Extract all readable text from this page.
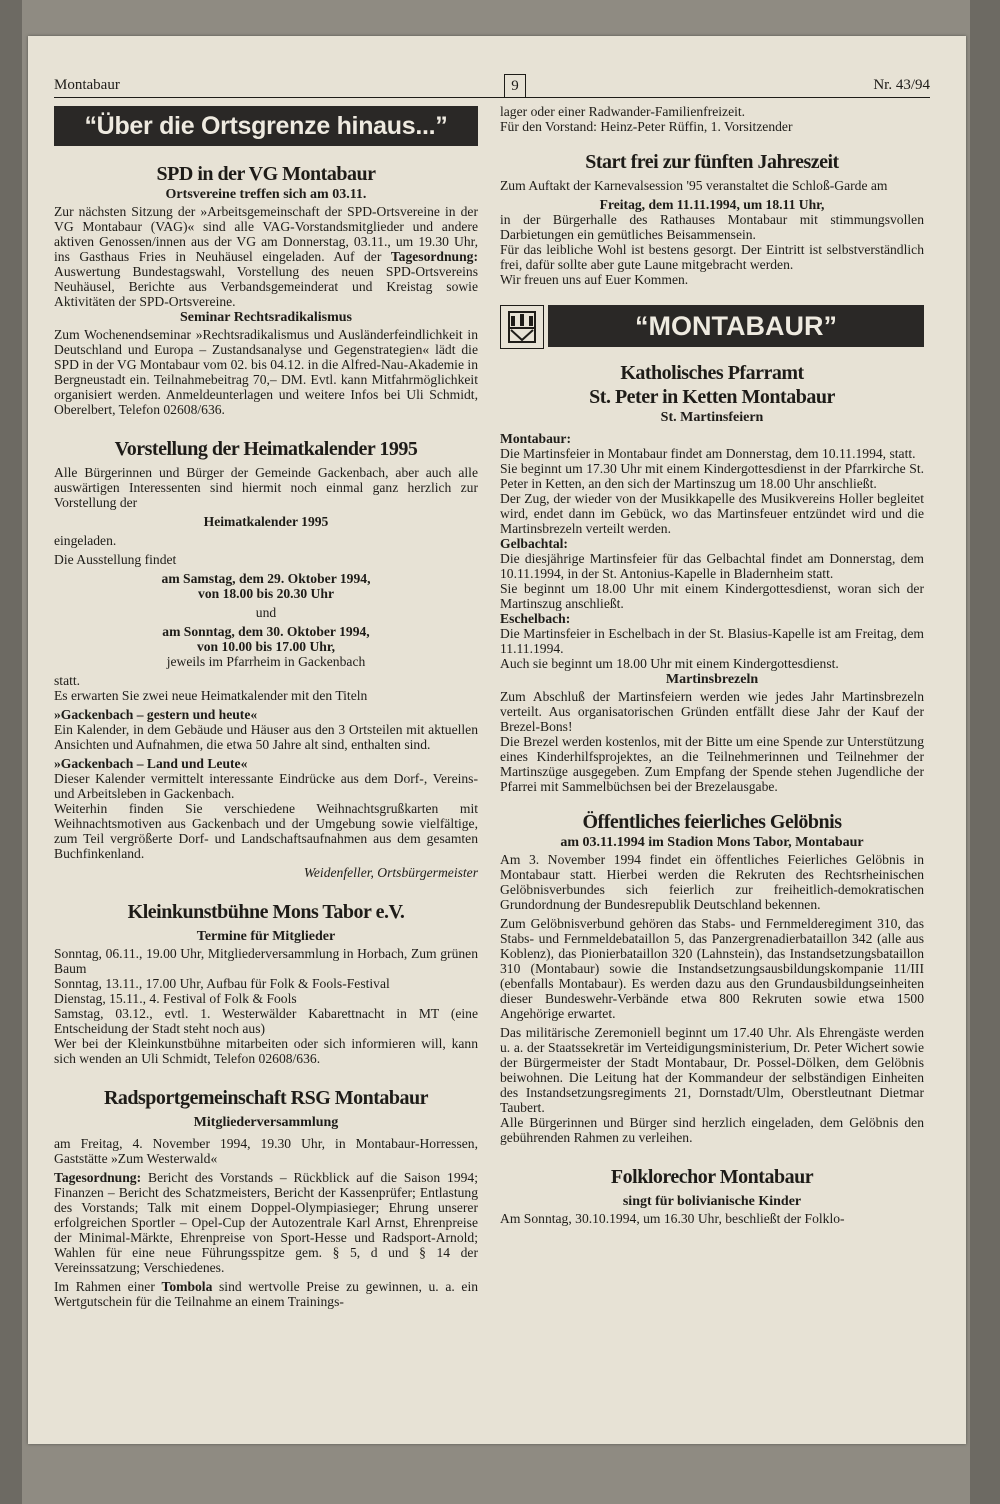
Montabaur	9	Nr. 43/94
“Über die Ortsgrenze hinaus...”
SPD in der VG Montabaur
Ortsvereine treffen sich am 03.11.

Zur nächsten Sitzung der »Arbeitsgemeinschaft der SPD-Ortsvereine in der VG Montabaur (VAG)« sind alle VAG-Vorstandsmitglieder und andere aktiven Genossen/innen aus der VG am Donnerstag, 03.11., um 19.30 Uhr, ins Gasthaus Fries in Neuhäusel eingeladen. Auf der Tagesordnung: Auswertung Bundestagswahl, Vorstellung des neuen SPD-Ortsvereins Neuhäusel, Berichte aus Verbandsgemeinderat und Kreistag sowie Aktivitäten der SPD-Ortsvereine.

Seminar Rechtsradikalismus

Zum Wochenendseminar »Rechtsradikalismus und Ausländerfeindlichkeit in Deutschland und Europa – Zustandsanalyse und Gegenstrategien« lädt die SPD in der VG Montabaur vom 02. bis 04.12. in die Alfred-Nau-Akademie in Bergneustadt ein. Teilnahmebeitrag 70,– DM. Evtl. kann Mitfahrmöglichkeit organisiert werden. Anmeldeunterlagen und weitere Infos bei Uli Schmidt, Oberelbert, Telefon 02608/636.

Vorstellung der Heimatkalender 1995

Alle Bürgerinnen und Bürger der Gemeinde Gackenbach, aber auch alle auswärtigen Interessenten sind hiermit noch einmal ganz herzlich zur Vorstellung der

Heimatkalender 1995

eingeladen.

Die Ausstellung findet

am Samstag, dem 29. Oktober 1994,

von 18.00 bis 20.30 Uhr

und

am Sonntag, dem 30. Oktober 1994,

von 10.00 bis 17.00 Uhr,

jeweils im Pfarrheim in Gackenbach

statt.

Es erwarten Sie zwei neue Heimatkalender mit den Titeln

»Gackenbach – gestern und heute«

Ein Kalender, in dem Gebäude und Häuser aus den 3 Ortsteilen mit aktuellen Ansichten und Aufnahmen, die etwa 50 Jahre alt sind, enthalten sind.

»Gackenbach – Land und Leute«

Dieser Kalender vermittelt interessante Eindrücke aus dem Dorf-, Vereins- und Arbeitsleben in Gackenbach.

Weiterhin finden Sie verschiedene Weihnachtsgrußkarten mit Weihnachtsmotiven aus Gackenbach und der Umgebung sowie vielfältige, zum Teil vergrößerte Dorf- und Landschaftsaufnahmen aus dem gesamten Buchfinkenland.

Weidenfeller, Ortsbürgermeister

Kleinkunstbühne Mons Tabor e.V.
Termine für Mitglieder

Sonntag, 06.11., 19.00 Uhr, Mitgliederversammlung in Horbach, Zum grünen Baum
Sonntag, 13.11., 17.00 Uhr, Aufbau für Folk & Fools-Festival
Dienstag, 15.11., 4. Festival of Folk & Fools
Samstag, 03.12., evtl. 1. Westerwälder Kabarettnacht in MT (eine Entscheidung der Stadt steht noch aus)
Wer bei der Kleinkunstbühne mitarbeiten oder sich informieren will, kann sich wenden an Uli Schmidt, Telefon 02608/636.

Radsportgemeinschaft RSG Montabaur
Mitgliederversammlung

am Freitag, 4. November 1994, 19.30 Uhr, in Montabaur-Horressen, Gaststätte »Zum Westerwald«

Tagesordnung: Bericht des Vorstands – Rückblick auf die Saison 1994; Finanzen – Bericht des Schatzmeisters, Bericht der Kassenprüfer; Entlastung des Vorstands; Talk mit einem Doppel-Olympiasieger; Ehrung unserer erfolgreichen Sportler – Opel-Cup der Autozentrale Karl Arnst, Ehrenpreise der Minimal-Märkte, Ehrenpreise von Sport-Hesse und Radsport-Arnold; Wahlen für eine neue Führungsspitze gem. § 5, d und § 14 der Vereinssatzung; Verschiedenes.

Im Rahmen einer Tombola sind wertvolle Preise zu gewinnen, u. a. ein Wertgutschein für die Teilnahme an einem Trainings-

lager oder einer Radwander-Familienfreizeit.
Für den Vorstand: Heinz-Peter Rüffin, 1. Vorsitzender

Start frei zur fünften Jahreszeit

Zum Auftakt der Karnevalsession '95 veranstaltet die Schloß-Garde am

Freitag, dem 11.11.1994, um 18.11 Uhr,

in der Bürgerhalle des Rathauses Montabaur mit stimmungsvollen Darbietungen ein gemütliches Beisammensein.
Für das leibliche Wohl ist bestens gesorgt. Der Eintritt ist selbstverständlich frei, dafür sollte aber gute Laune mitgebracht werden.
Wir freuen uns auf Euer Kommen.

“MONTABAUR”
Katholisches Pfarramt
St. Peter in Ketten Montabaur
St. Martinsfeiern

Montabaur:

Die Martinsfeier in Montabaur findet am Donnerstag, dem 10.11.1994, statt.
Sie beginnt um 17.30 Uhr mit einem Kindergottesdienst in der Pfarrkirche St. Peter in Ketten, an den sich der Martinszug um 18.00 Uhr anschließt.
Der Zug, der wieder von der Musikkapelle des Musikvereins Holler begleitet wird, endet dann im Gebück, wo das Martinsfeuer entzündet wird und die Martinsbrezeln verteilt werden.

Gelbachtal:

Die diesjährige Martinsfeier für das Gelbachtal findet am Donnerstag, dem 10.11.1994, in der St. Antonius-Kapelle in Bladernheim statt.
Sie beginnt um 18.00 Uhr mit einem Kindergottesdienst, woran sich der Martinszug anschließt.

Eschelbach:

Die Martinsfeier in Eschelbach in der St. Blasius-Kapelle ist am Freitag, dem 11.11.1994.
Auch sie beginnt um 18.00 Uhr mit einem Kindergottesdienst.

Martinsbrezeln

Zum Abschluß der Martinsfeiern werden wie jedes Jahr Martinsbrezeln verteilt. Aus organisatorischen Gründen entfällt diese Jahr der Kauf der Brezel-Bons!
Die Brezel werden kostenlos, mit der Bitte um eine Spende zur Unterstützung eines Kinderhilfsprojektes, an die Teilnehmerinnen und Teilnehmer der Martinszüge ausgegeben. Zum Empfang der Spende stehen Jugendliche der Pfarrei mit Sammelbüchsen bei der Brezelausgabe.

Öffentliches feierliches Gelöbnis
am 03.11.1994 im Stadion Mons Tabor, Montabaur

Am 3. November 1994 findet ein öffentliches Feierliches Gelöbnis in Montabaur statt. Hierbei werden die Rekruten des Rechtsrheinischen Gelöbnisverbundes sich feierlich zur freiheitlich-demokratischen Grundordnung der Bundesrepublik Deutschland bekennen.

Zum Gelöbnisverbund gehören das Stabs- und Fernmelderegiment 310, das Stabs- und Fernmeldebataillon 5, das Panzergrenadierbataillon 342 (alle aus Koblenz), das Pionierbataillon 320 (Lahnstein), das Instandsetzungsbataillon 310 (Montabaur) sowie die Instandsetzungsausbildungskompanie 11/III (ebenfalls Montabaur). Es werden dazu aus den Grundausbildungseinheiten dieser Bundeswehr-Verbände etwa 800 Rekruten sowie etwa 1500 Angehörige erwartet.

Das militärische Zeremoniell beginnt um 17.40 Uhr. Als Ehrengäste werden u. a. der Staatssekretär im Verteidigungsministerium, Dr. Peter Wichert sowie der Bürgermeister der Stadt Montabaur, Dr. Possel-Dölken, dem Gelöbnis beiwohnen. Die Leitung hat der Kommandeur der selbständigen Einheiten des Instandsetzungsregiments 21, Dornstadt/Ulm, Oberstleutnant Dietmar Taubert.
Alle Bürgerinnen und Bürger sind herzlich eingeladen, dem Gelöbnis den gebührenden Rahmen zu verleihen.

Folklorechor Montabaur
singt für bolivianische Kinder

Am Sonntag, 30.10.1994, um 16.30 Uhr, beschließt der Folklo-
